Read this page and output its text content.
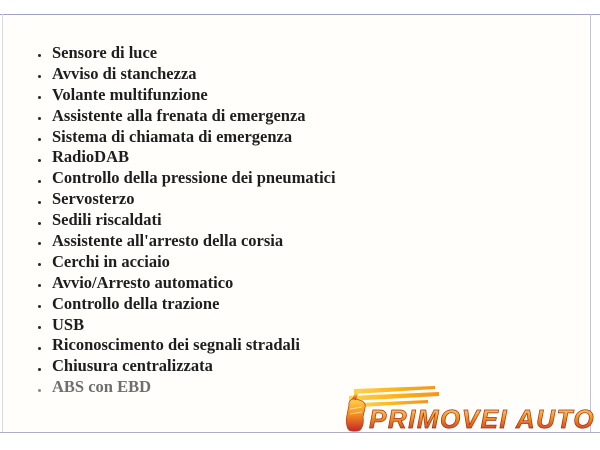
Sensore di luce
Avviso di stanchezza
Volante multifunzione
Assistente alla frenata di emergenza
Sistema di chiamata di emergenza
RadioDAB
Controllo della pressione dei pneumatici
Servosterzo
Sedili riscaldati
Assistente all'arresto della corsia
Cerchi in acciaio
Avvio/Arresto automatico
Controllo della trazione
USB
Riconoscimento dei segnali stradali
Chiusura centralizzata
ABS con EBD
PRIMOVEI AUTO
